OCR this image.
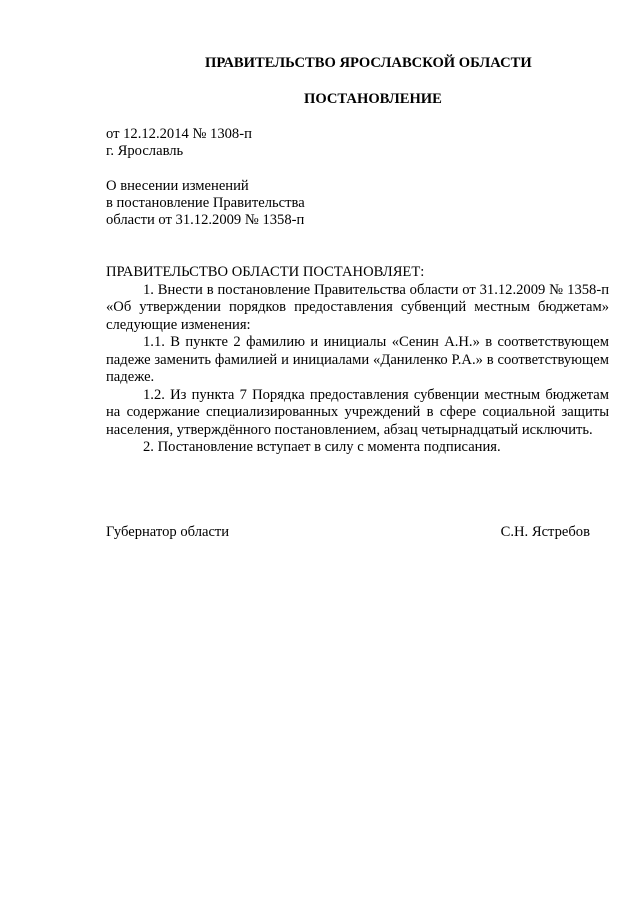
ПРАВИТЕЛЬСТВО ЯРОСЛАВСКОЙ ОБЛАСТИ
ПОСТАНОВЛЕНИЕ
от 12.12.2014 № 1308-п
г. Ярославль
О внесении изменений
в постановление Правительства
области от 31.12.2009 № 1358-п

ПРАВИТЕЛЬСТВО ОБЛАСТИ ПОСТАНОВЛЯЕТ:

1. Внести в постановление Правительства области от 31.12.2009 № 1358-п «Об утверждении порядков предоставления субвенций местным бюджетам» следующие изменения:

1.1. В пункте 2 фамилию и инициалы «Сенин А.Н.» в соответствующем падеже заменить фамилией и инициалами «Даниленко Р.А.» в соответствующем падеже.

1.2. Из пункта 7 Порядка предоставления субвенции местным бюджетам на содержание специализированных учреждений в сфере социальной защиты населения, утверждённого постановлением, абзац четырнадцатый исключить.

2. Постановление вступает в силу с момента подписания.

Губернатор области	С.Н. Ястребов
